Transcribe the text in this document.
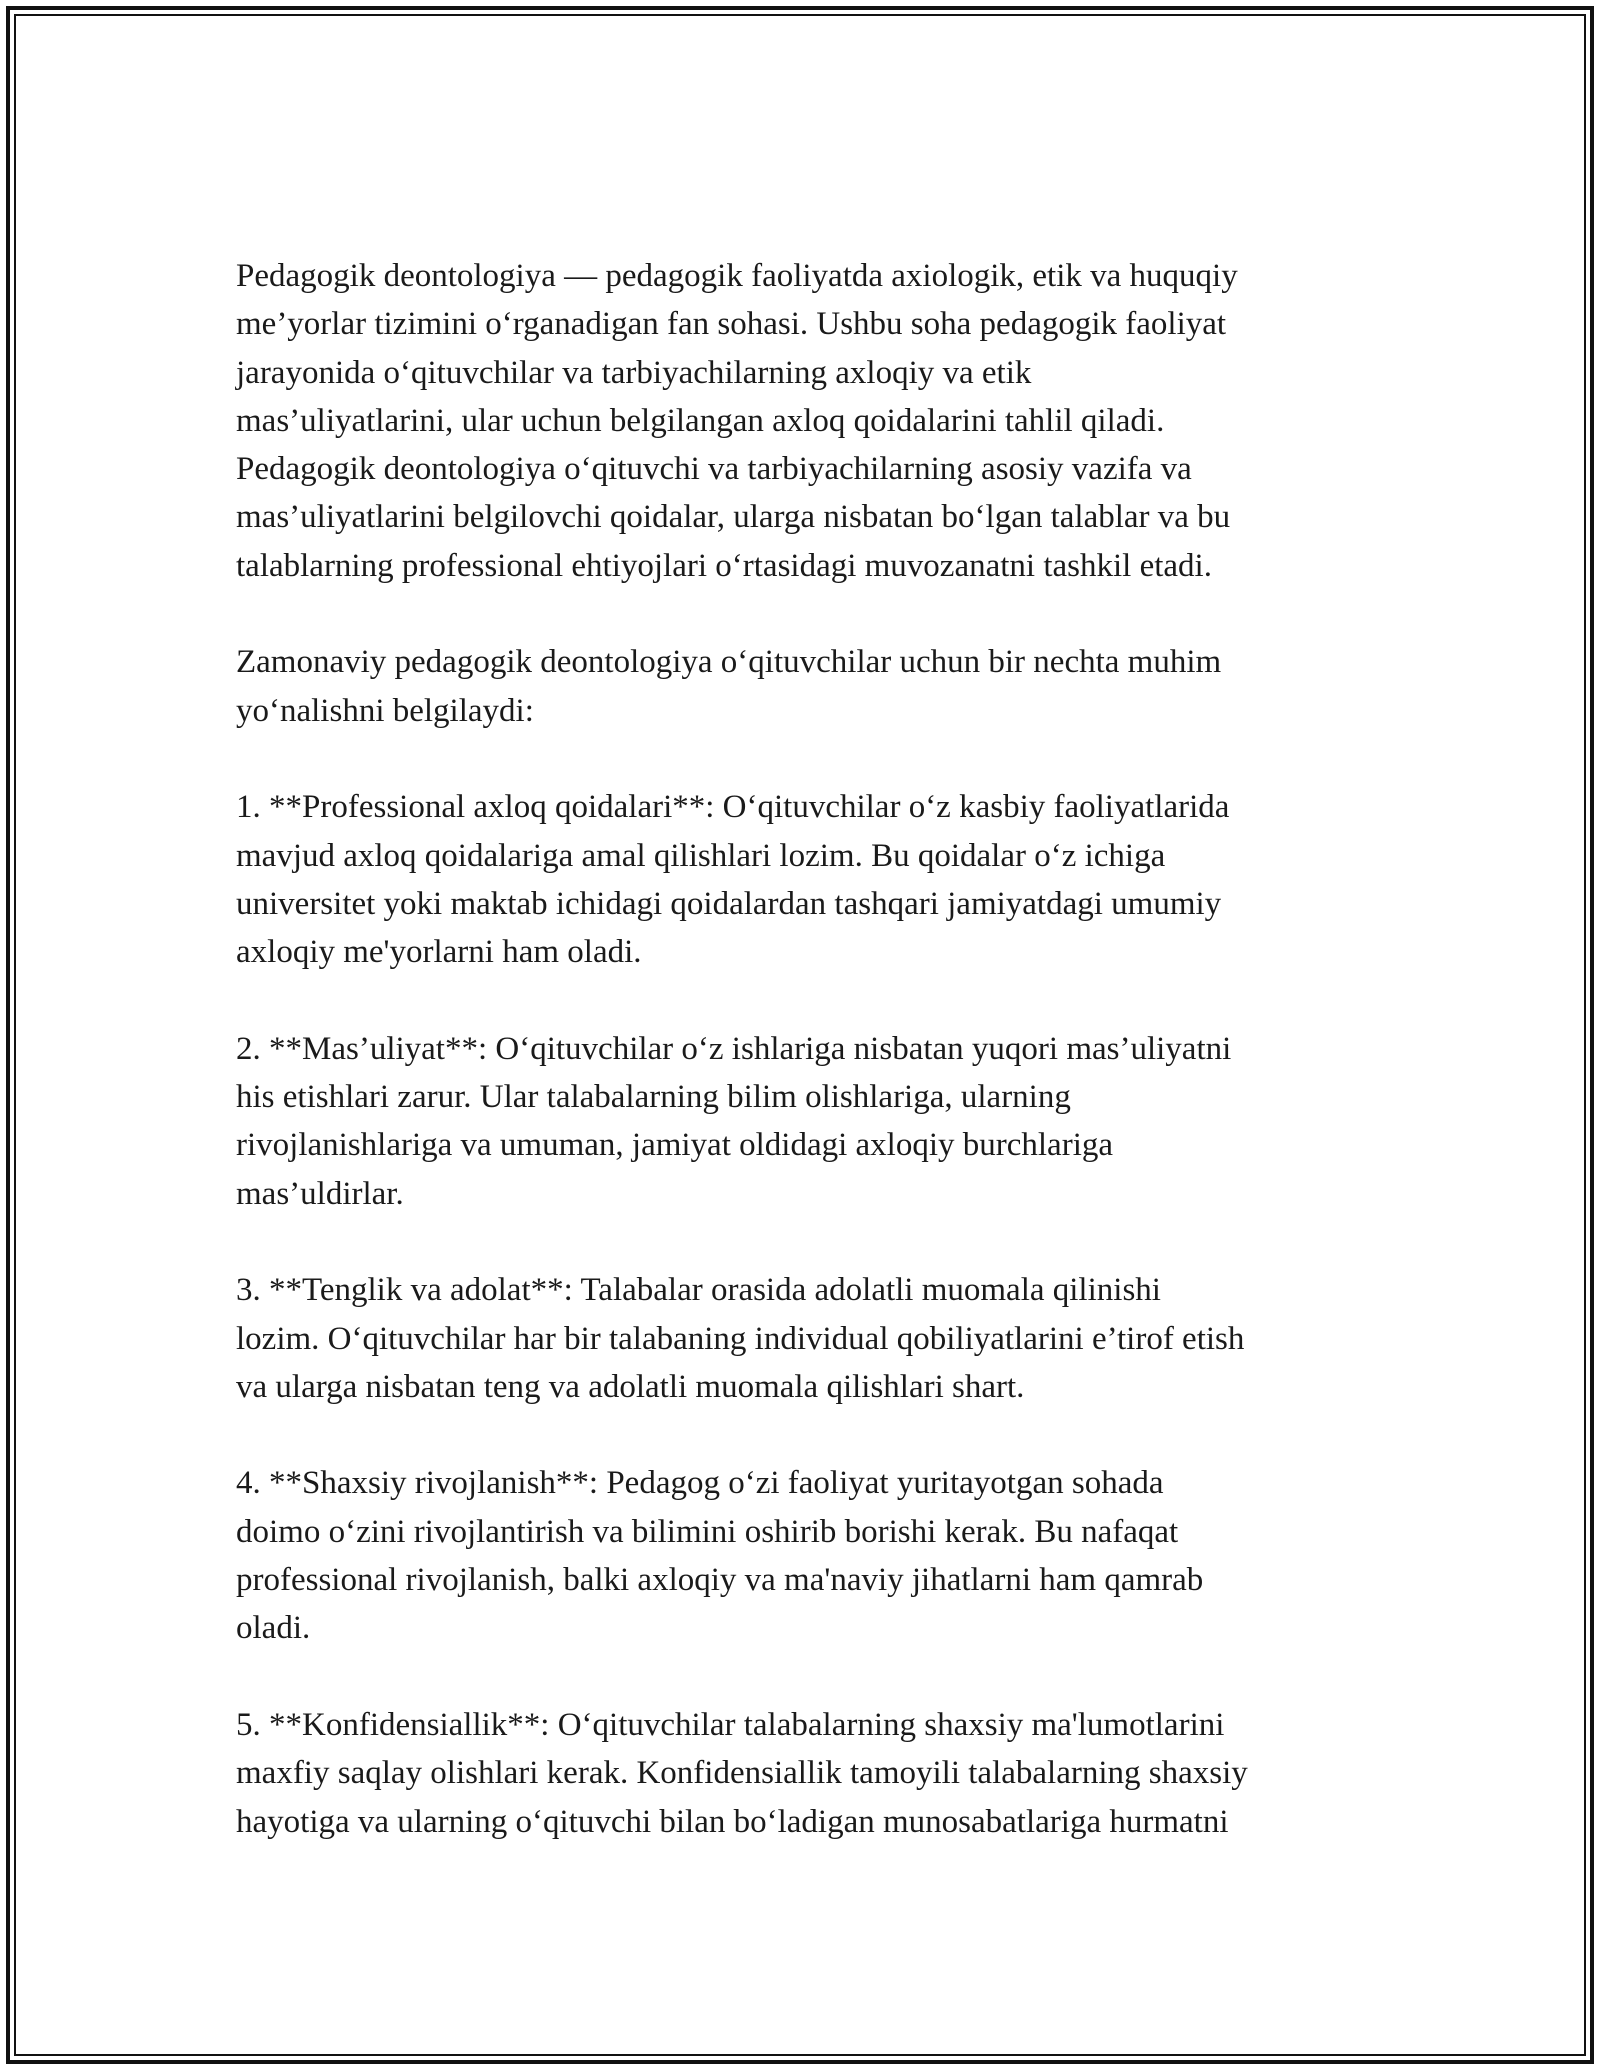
Pedagogik deontologiya — pedagogik faoliyatda axiologik, etik va huquqiy
me’yorlar tizimini o‘rganadigan fan sohasi. Ushbu soha pedagogik faoliyat
jarayonida o‘qituvchilar va tarbiyachilarning axloqiy va etik
mas’uliyatlarini, ular uchun belgilangan axloq qoidalarini tahlil qiladi.
Pedagogik deontologiya o‘qituvchi va tarbiyachilarning asosiy vazifa va
mas’uliyatlarini belgilovchi qoidalar, ularga nisbatan bo‘lgan talablar va bu
talablarning professional ehtiyojlari o‘rtasidagi muvozanatni tashkil etadi.

Zamonaviy pedagogik deontologiya o‘qituvchilar uchun bir nechta muhim
yo‘nalishni belgilaydi:

1. **Professional axloq qoidalari**: O‘qituvchilar o‘z kasbiy faoliyatlarida
mavjud axloq qoidalariga amal qilishlari lozim. Bu qoidalar o‘z ichiga
universitet yoki maktab ichidagi qoidalardan tashqari jamiyatdagi umumiy
axloqiy me'yorlarni ham oladi.

2. **Mas’uliyat**: O‘qituvchilar o‘z ishlariga nisbatan yuqori mas’uliyatni
his etishlari zarur. Ular talabalarning bilim olishlariga, ularning
rivojlanishlariga va umuman, jamiyat oldidagi axloqiy burchlariga
mas’uldirlar.

3. **Tenglik va adolat**: Talabalar orasida adolatli muomala qilinishi
lozim. O‘qituvchilar har bir talabaning individual qobiliyatlarini e’tirof etish
va ularga nisbatan teng va adolatli muomala qilishlari shart.

4. **Shaxsiy rivojlanish**: Pedagog o‘zi faoliyat yuritayotgan sohada
doimo o‘zini rivojlantirish va bilimini oshirib borishi kerak. Bu nafaqat
professional rivojlanish, balki axloqiy va ma'naviy jihatlarni ham qamrab
oladi.

5. **Konfidensiallik**: O‘qituvchilar talabalarning shaxsiy ma'lumotlarini
maxfiy saqlay olishlari kerak. Konfidensiallik tamoyili talabalarning shaxsiy
hayotiga va ularning o‘qituvchi bilan bo‘ladigan munosabatlariga hurmatni
